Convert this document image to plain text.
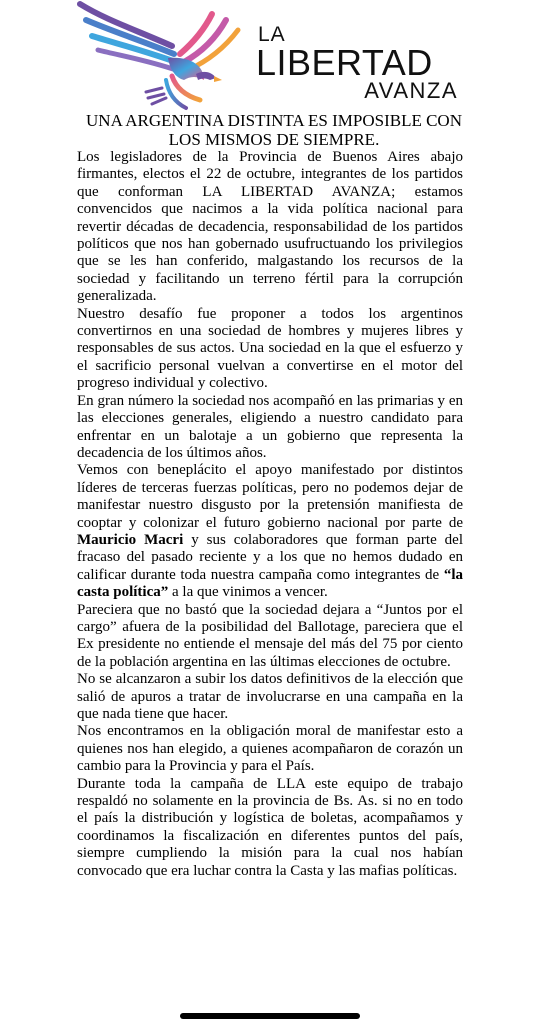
LA
LIBERTAD
AVANZA
UNA ARGENTINA DISTINTA ES IMPOSIBLE CON
LOS MISMOS DE SIEMPRE.

Los legisladores de la Provincia de Buenos Aires abajo firmantes, electos el 22 de octubre, integrantes de los partidos que conforman LA LIBERTAD AVANZA; estamos convencidos que nacimos a la vida política nacional para revertir décadas de decadencia, responsabilidad de los partidos políticos que nos han gobernado usufructuando los privilegios que se les han conferido, malgastando los recursos de la sociedad y facilitando un terreno fértil para la corrupción generalizada.

Nuestro desafío fue proponer a todos los argentinos convertirnos en una sociedad de hombres y mujeres libres y responsables de sus actos. Una sociedad en la que el esfuerzo y el sacrificio personal vuelvan a convertirse en el motor del progreso individual y colectivo.

En gran número la sociedad nos acompañó en las primarias y en las elecciones generales, eligiendo a nuestro candidato para enfrentar en un balotaje a un gobierno que representa la decadencia de los últimos años.

Vemos con beneplácito el apoyo manifestado por distintos líderes de terceras fuerzas políticas, pero no podemos dejar de manifestar nuestro disgusto por la pretensión manifiesta de cooptar y colonizar el futuro gobierno nacional por parte de Mauricio Macri y sus colaboradores que forman parte del fracaso del pasado reciente y a los que no hemos dudado en calificar durante toda nuestra campaña como integrantes de “la casta política” a la que vinimos a vencer.

Pareciera que no bastó que la sociedad dejara a “Juntos por el cargo” afuera de la posibilidad del Ballotage, pareciera que el Ex presidente no entiende el mensaje del más del 75 por ciento de la población argentina en las últimas elecciones de octubre.

No se alcanzaron a subir los datos definitivos de la elección que salió de apuros a tratar de involucrarse en una campaña en la que nada tiene que hacer.

Nos encontramos en la obligación moral de manifestar esto a quienes nos han elegido, a quienes acompañaron de corazón un cambio para la Provincia y para el País.

Durante toda la campaña de LLA este equipo de trabajo respaldó no solamente en la provincia de Bs. As. si no en todo el país la distribución y logística de boletas, acompañamos y coordinamos la fiscalización en diferentes puntos del país, siempre cumpliendo la misión para la cual nos habían convocado que era luchar contra la Casta y las mafias políticas.
